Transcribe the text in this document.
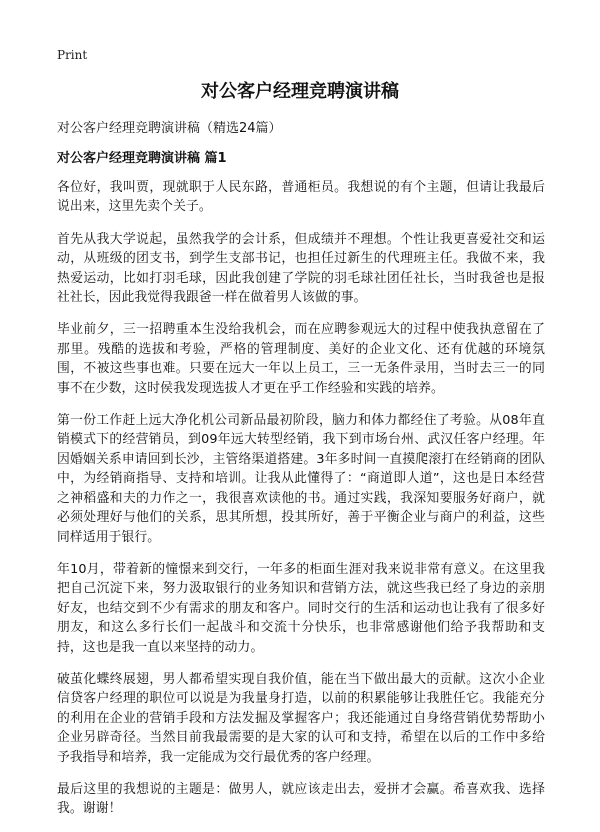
Print
对公客户经理竞聘演讲稿

对公客户经理竞聘演讲稿（精选24篇）

对公客户经理竞聘演讲稿 篇1

各位好，我叫贾，现就职于人民东路，普通柜员。我想说的有个主题，但请让我最后说出来，这里先卖个关子。

首先从我大学说起，虽然我学的会计系，但成绩并不理想。个性让我更喜爱社交和运动，从班级的团支书，到学生支部书记，也担任过新生的代理班主任。我做不来，我热爱运动，比如打羽毛球，因此我创建了学院的羽毛球社团任社长，当时我爸也是报社社长，因此我觉得我跟爸一样在做着男人该做的事。

毕业前夕，三一招聘重本生没给我机会，而在应聘参观远大的过程中使我执意留在了那里。残酷的选拔和考验，严格的管理制度、美好的企业文化、还有优越的环境氛围，不被这些事也难。只要在远大一年以上员工，三一无条件录用，当时去三一的同事不在少数，这时侯我发现选拔人才更在乎工作经验和实践的培养。

第一份工作赶上远大净化机公司新品最初阶段，脑力和体力都经住了考验。从08年直销模式下的经营销员，到09年远大转型经销，我下到市场台州、武汉任客户经理。年因婚姻关系申请回到长沙，主管络渠道搭建。3年多时间一直摸爬滚打在经销商的团队中，为经销商指导、支持和培训。让我从此懂得了：“商道即人道”，这也是日本经营之神稻盛和夫的力作之一，我很喜欢读他的书。通过实践，我深知要服务好商户，就必须处理好与他们的关系，思其所想，投其所好，善于平衡企业与商户的利益，这些同样适用于银行。

年10月，带着新的憧憬来到交行，一年多的柜面生涯对我来说非常有意义。在这里我把自己沉淀下来，努力汲取银行的业务知识和营销方法，就这些我已经了身边的亲朋好友，也结交到不少有需求的朋友和客户。同时交行的生活和运动也让我有了很多好朋友，和这么多行长们一起战斗和交流十分快乐，也非常感谢他们给予我帮助和支持，这也是我一直以来坚持的动力。

破茧化蝶终展翅，男人都希望实现自我价值，能在当下做出最大的贡献。这次小企业信贷客户经理的职位可以说是为我量身打造，以前的积累能够让我胜任它。我能充分的利用在企业的营销手段和方法发掘及掌握客户；我还能通过自身络营销优势帮助小企业另辟奇径。当然目前我最需要的是大家的认可和支持，希望在以后的工作中多给予我指导和培养，我一定能成为交行最优秀的客户经理。

最后这里的我想说的主题是：做男人，就应该走出去，爱拼才会赢。希喜欢我、选择我。谢谢！
